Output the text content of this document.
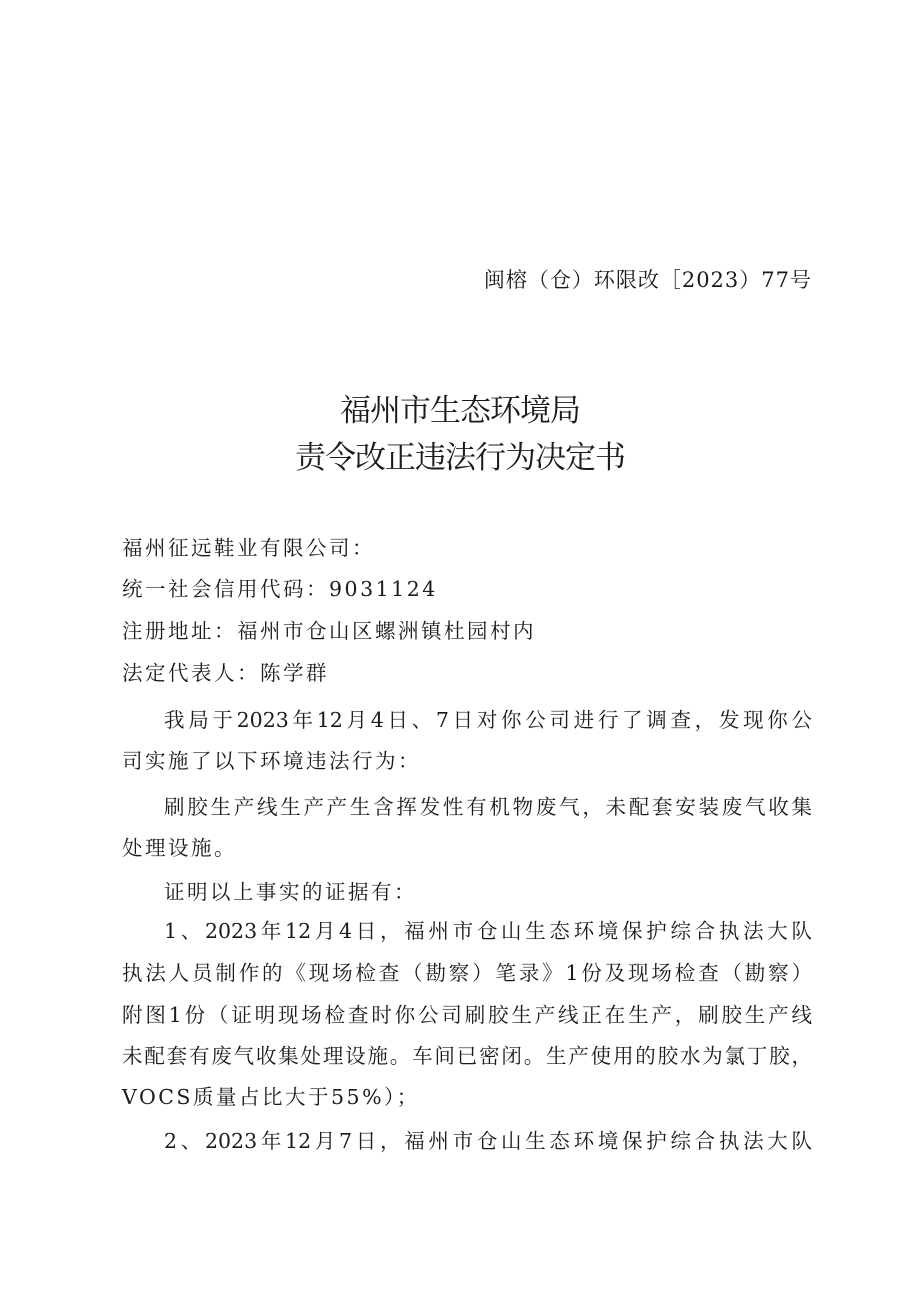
闽榕（仓）环限改［2023）77号
福州市生态环境局
责令改正违法行为决定书
福州征远鞋业有限公司：
统一社会信用代码：9031124
注册地址：福州市仓山区螺洲镇杜园村内
法定代表人：陈学群
我局于2023年12月4日、7日对你公司进行了调查，发现你公
司实施了以下环境违法行为：
刷胶生产线生产产生含挥发性有机物废气，未配套安装废气收集
处理设施。
证明以上事实的证据有：
1、2023年12月4日，福州市仓山生态环境保护综合执法大队
执法人员制作的《现场检查（勘察）笔录》1份及现场检查（勘察）
附图1份（证明现场检查时你公司刷胶生产线正在生产，刷胶生产线
未配套有废气收集处理设施。车间已密闭。生产使用的胶水为氯丁胶，
VOCS质量占比大于55%）；
2、2023年12月7日，福州市仓山生态环境保护综合执法大队
